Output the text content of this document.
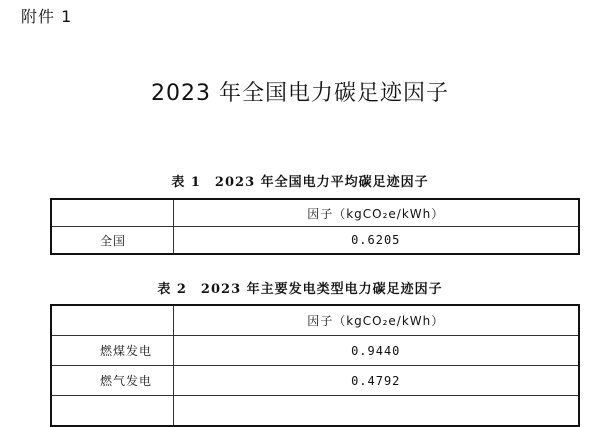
附件 1
2023 年全国电力碳足迹因子
表 1　2023 年全国电力平均碳足迹因子
	因子（kgCO₂e/kWh）
全国	0.6205
表 2　2023 年主要发电类型电力碳足迹因子
	因子（kgCO₂e/kWh）
燃煤发电	0.9440
燃气发电	0.4792
